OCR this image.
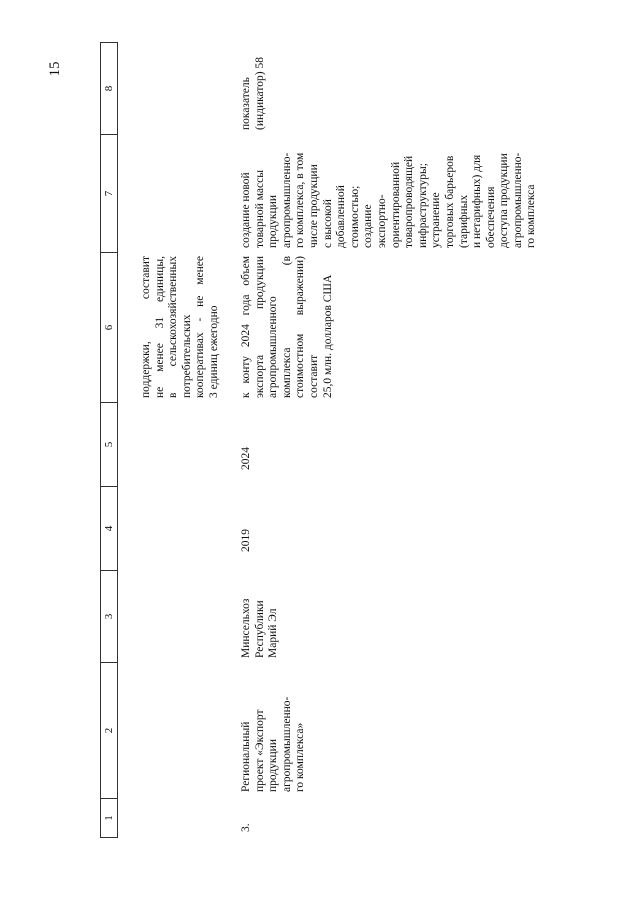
15
1
2
3
4
5
6
7
8
поддержки, составит не менее 31 единицы, в сельскохозяйственных потребительских кооперативах - не менее 3 единиц ежегодно
3.
Региональный проект «Экспорт продукции агропромышленно- го комплекса»
Минсельхоз Республики Марий Эл
2019
2024
к конту 2024 года объем экспорта продукции агропромышленного комплекса (в стоимостном выражении) составит 25,0 млн. долларов США
создание новой товарной массы продукции агропромышленно- го комплекса, в том числе продукции с высокой добавленной стоимостью; создание экспортно- ориентированной товаропроводящей инфраструктуры; устранение торговых барьеров (тарифных и нетарифных) для обеспечения доступа продукции агропромышленно- го комплекса
показатель (индикатор) 58
